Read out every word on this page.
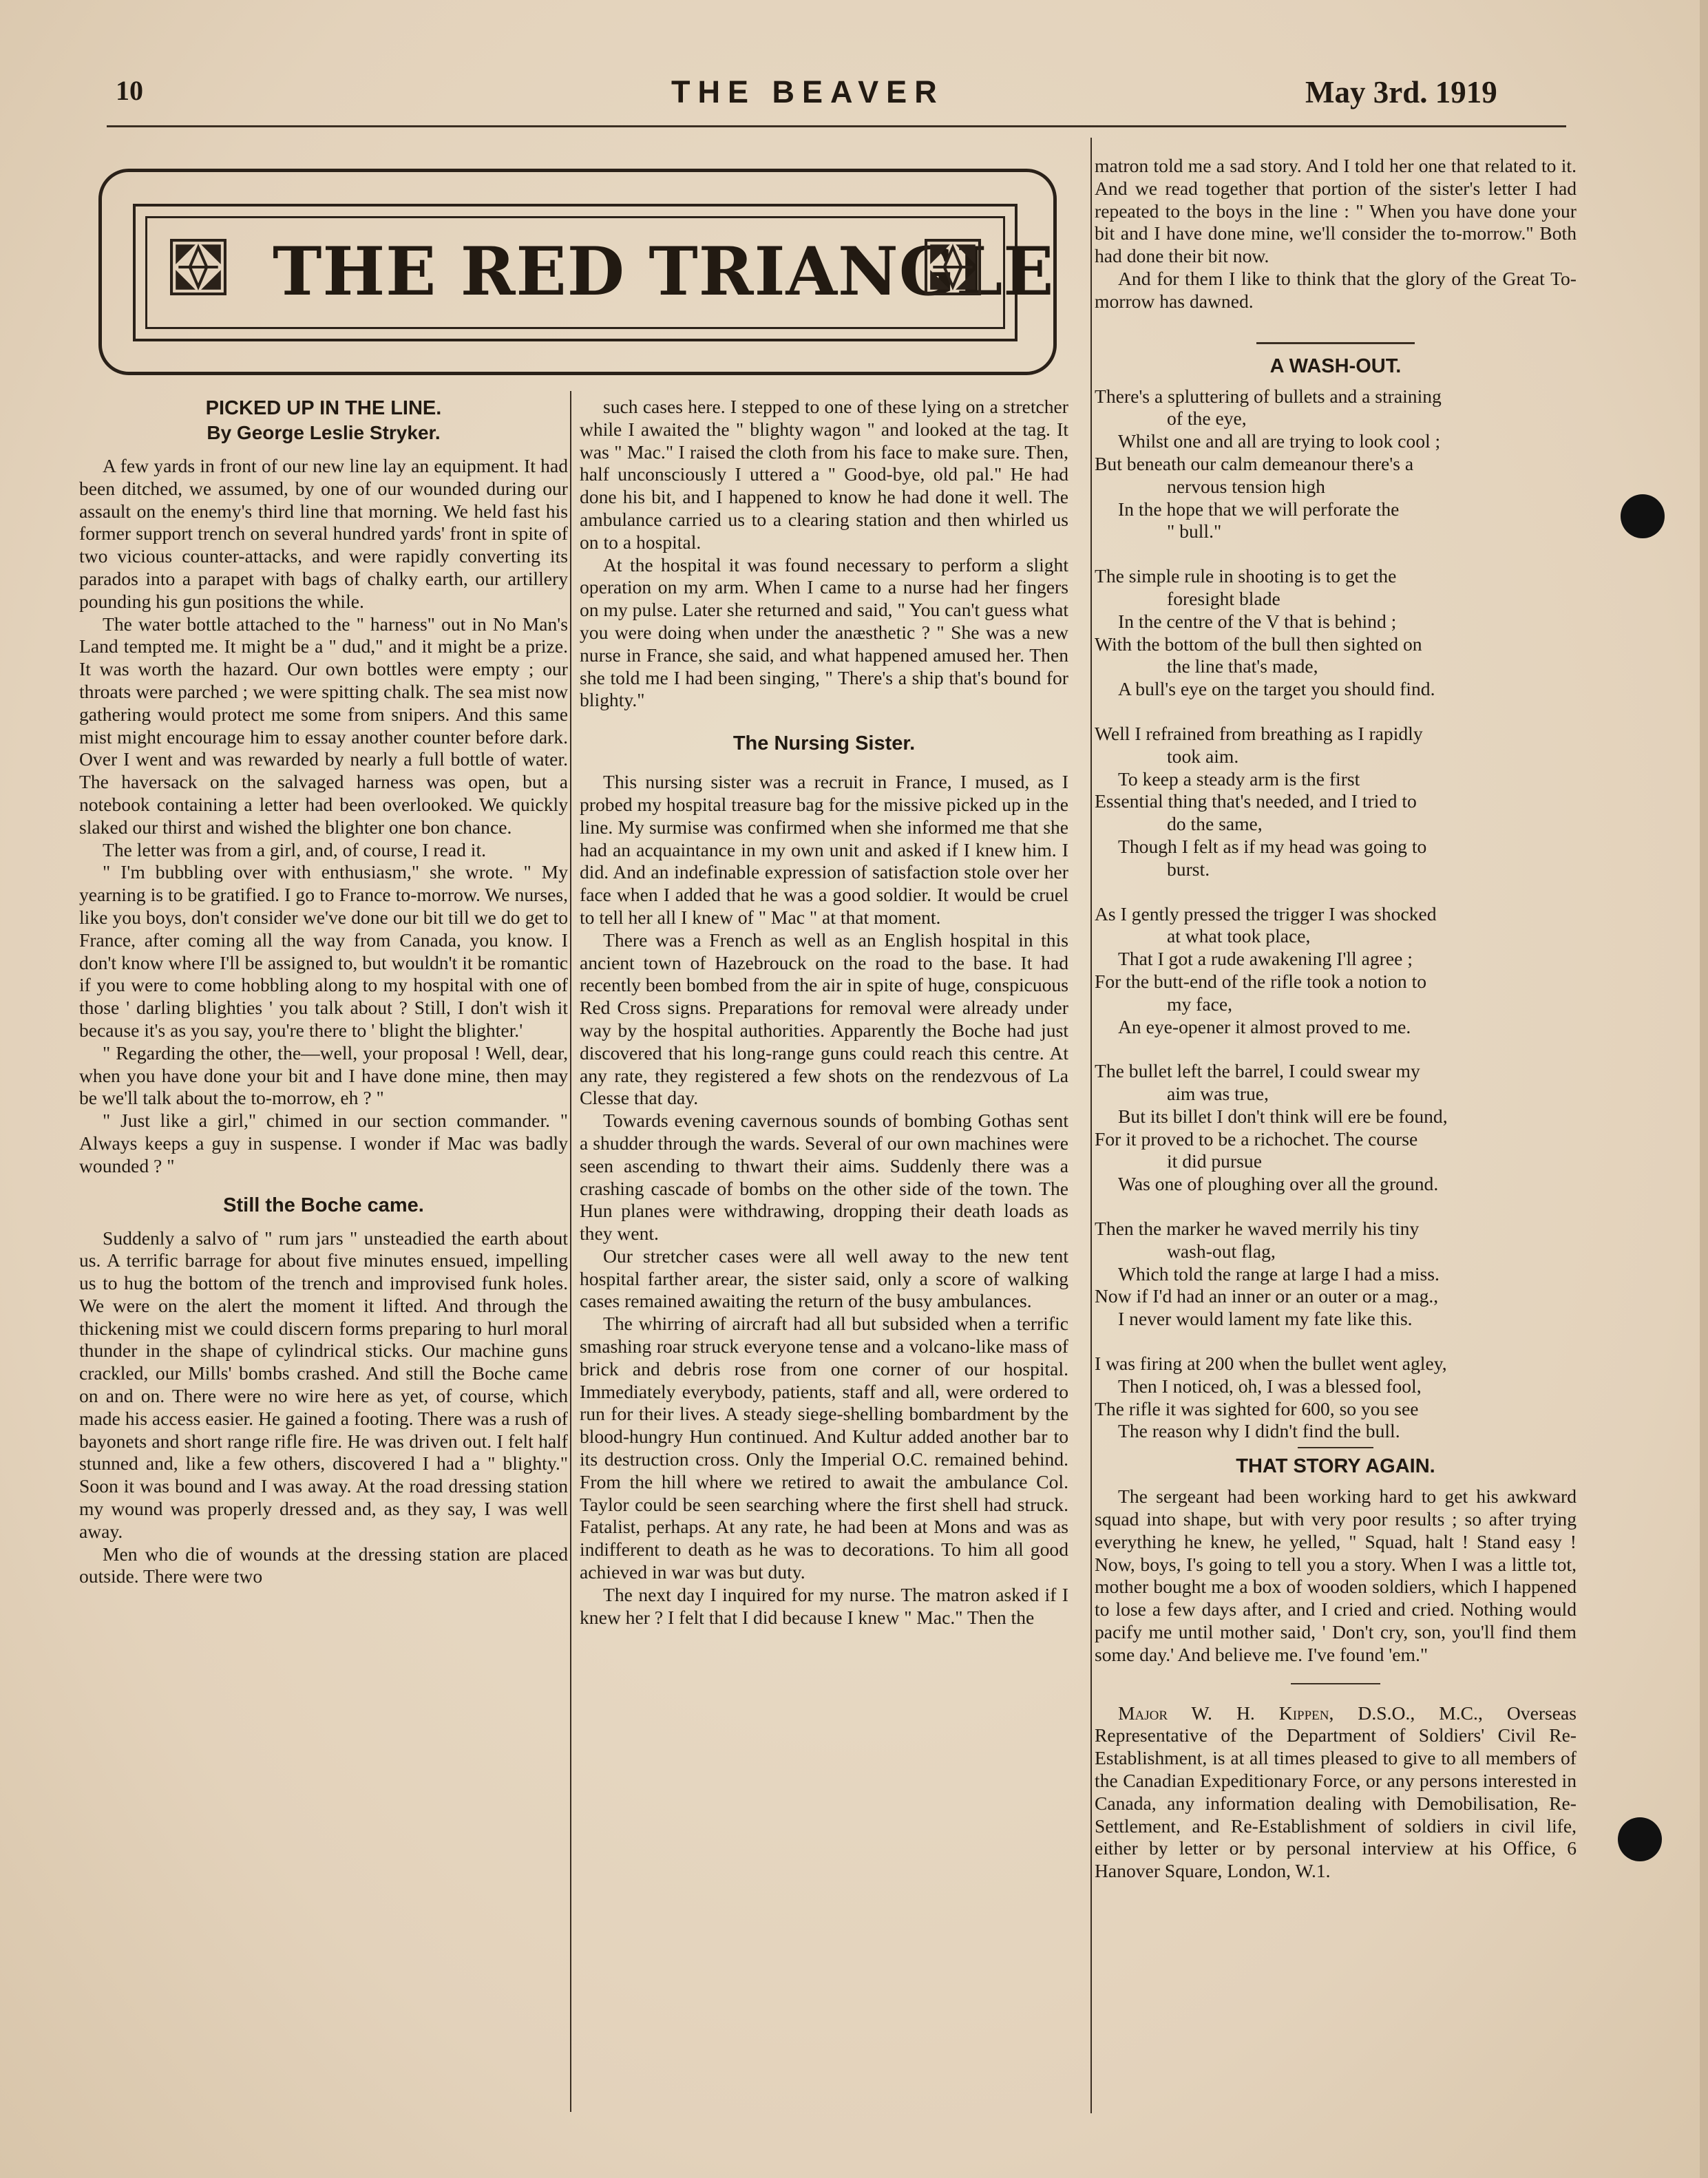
10	THE BEAVER	May 3rd. 1919
THE RED TRIANGLE
PICKED UP IN THE LINE.
By George Leslie Stryker.

A few yards in front of our new line lay an equipment. It had been ditched, we assumed, by one of our wounded during our assault on the enemy's third line that morning. We held fast his former support trench on several hundred yards' front in spite of two vicious counter-attacks, and were rapidly converting its parados into a parapet with bags of chalky earth, our artillery pounding his gun positions the while.

The water bottle attached to the " harness" out in No Man's Land tempted me. It might be a " dud," and it might be a prize. It was worth the hazard. Our own bottles were empty ; our throats were parched ; we were spitting chalk. The sea mist now gathering would protect me some from snipers. And this same mist might encourage him to essay another counter before dark. Over I went and was rewarded by nearly a full bottle of water. The haversack on the salvaged harness was open, but a notebook containing a letter had been overlooked. We quickly slaked our thirst and wished the blighter one bon chance.

The letter was from a girl, and, of course, I read it.

" I'm bubbling over with enthusiasm," she wrote. " My yearning is to be gratified. I go to France to-morrow. We nurses, like you boys, don't consider we've done our bit till we do get to France, after coming all the way from Canada, you know. I don't know where I'll be assigned to, but wouldn't it be romantic if you were to come hobbling along to my hospital with one of those ' darling blighties ' you talk about ? Still, I don't wish it because it's as you say, you're there to ' blight the blighter.'

" Regarding the other, the—well, your proposal ! Well, dear, when you have done your bit and I have done mine, then may be we'll talk about the to-morrow, eh ? "

" Just like a girl," chimed in our section commander. " Always keeps a guy in suspense. I wonder if Mac was badly wounded ? "

Still the Boche came.

Suddenly a salvo of " rum jars " unsteadied the earth about us. A terrific barrage for about five minutes ensued, impelling us to hug the bottom of the trench and improvised funk holes. We were on the alert the moment it lifted. And through the thickening mist we could discern forms preparing to hurl moral thunder in the shape of cylindrical sticks. Our machine guns crackled, our Mills' bombs crashed. And still the Boche came on and on. There were no wire here as yet, of course, which made his access easier. He gained a footing. There was a rush of bayonets and short range rifle fire. He was driven out. I felt half stunned and, like a few others, discovered I had a " blighty." Soon it was bound and I was away. At the road dressing station my wound was properly dressed and, as they say, I was well away.

Men who die of wounds at the dressing station are placed outside. There were two

such cases here. I stepped to one of these lying on a stretcher while I awaited the " blighty wagon " and looked at the tag. It was " Mac." I raised the cloth from his face to make sure. Then, half unconsciously I uttered a " Good-bye, old pal." He had done his bit, and I happened to know he had done it well. The ambulance carried us to a clearing station and then whirled us on to a hospital.

At the hospital it was found necessary to perform a slight operation on my arm. When I came to a nurse had her fingers on my pulse. Later she returned and said, " You can't guess what you were doing when under the anæsthetic ? " She was a new nurse in France, she said, and what happened amused her. Then she told me I had been singing, " There's a ship that's bound for blighty."

The Nursing Sister.

This nursing sister was a recruit in France, I mused, as I probed my hospital treasure bag for the missive picked up in the line. My surmise was confirmed when she informed me that she had an acquaintance in my own unit and asked if I knew him. I did. And an indefinable expression of satisfaction stole over her face when I added that he was a good soldier. It would be cruel to tell her all I knew of " Mac " at that moment.

There was a French as well as an English hospital in this ancient town of Hazebrouck on the road to the base. It had recently been bombed from the air in spite of huge, conspicuous Red Cross signs. Preparations for removal were already under way by the hospital authorities. Apparently the Boche had just discovered that his long-range guns could reach this centre. At any rate, they registered a few shots on the rendezvous of La Clesse that day.

Towards evening cavernous sounds of bombing Gothas sent a shudder through the wards. Several of our own machines were seen ascending to thwart their aims. Suddenly there was a crashing cascade of bombs on the other side of the town. The Hun planes were withdrawing, dropping their death loads as they went.

Our stretcher cases were all well away to the new tent hospital farther arear, the sister said, only a score of walking cases remained awaiting the return of the busy ambulances.

The whirring of aircraft had all but subsided when a terrific smashing roar struck everyone tense and a volcano-like mass of brick and debris rose from one corner of our hospital. Immediately everybody, patients, staff and all, were ordered to run for their lives. A steady siege-shelling bombardment by the blood-hungry Hun continued. And Kultur added another bar to its destruction cross. Only the Imperial O.C. remained behind. From the hill where we retired to await the ambulance Col. Taylor could be seen searching where the first shell had struck. Fatalist, perhaps. At any rate, he had been at Mons and was as indifferent to death as he was to decorations. To him all good achieved in war was but duty.

The next day I inquired for my nurse. The matron asked if I knew her ? I felt that I did because I knew " Mac." Then the

matron told me a sad story. And I told her one that related to it. And we read together that portion of the sister's letter I had repeated to the boys in the line : " When you have done your bit and I have done mine, we'll consider the to-morrow." Both had done their bit now.

And for them I like to think that the glory of the Great To-morrow has dawned.

A WASH-OUT.
There's a spluttering of bullets and a straining
of the eye,
Whilst one and all are trying to look cool ;
But beneath our calm demeanour there's a
nervous tension high
In the hope that we will perforate the
" bull."
The simple rule in shooting is to get the
foresight blade
In the centre of the V that is behind ;
With the bottom of the bull then sighted on
the line that's made,
A bull's eye on the target you should find.
Well I refrained from breathing as I rapidly
took aim.
To keep a steady arm is the first
Essential thing that's needed, and I tried to
do the same,
Though I felt as if my head was going to
burst.
As I gently pressed the trigger I was shocked
at what took place,
That I got a rude awakening I'll agree ;
For the butt-end of the rifle took a notion to
my face,
An eye-opener it almost proved to me.
The bullet left the barrel, I could swear my
aim was true,
But its billet I don't think will ere be found,
For it proved to be a richochet. The course
it did pursue
Was one of ploughing over all the ground.
Then the marker he waved merrily his tiny
wash-out flag,
Which told the range at large I had a miss.
Now if I'd had an inner or an outer or a mag.,
I never would lament my fate like this.
I was firing at 200 when the bullet went agley,
Then I noticed, oh, I was a blessed fool,
The rifle it was sighted for 600, so you see
The reason why I didn't find the bull.
THAT STORY AGAIN.

The sergeant had been working hard to get his awkward squad into shape, but with very poor results ; so after trying everything he knew, he yelled, " Squad, halt ! Stand easy ! Now, boys, I's going to tell you a story. When I was a little tot, mother bought me a box of wooden soldiers, which I happened to lose a few days after, and I cried and cried. Nothing would pacify me until mother said, ' Don't cry, son, you'll find them some day.' And believe me. I've found 'em."

Major W. H. Kippen, D.S.O., M.C., Overseas Representative of the Department of Soldiers' Civil Re-Establishment, is at all times pleased to give to all members of the Canadian Expeditionary Force, or any persons interested in Canada, any information dealing with Demobilisation, Re-Settlement, and Re-Establishment of soldiers in civil life, either by letter or by personal interview at his Office, 6 Hanover Square, London, W.1.
